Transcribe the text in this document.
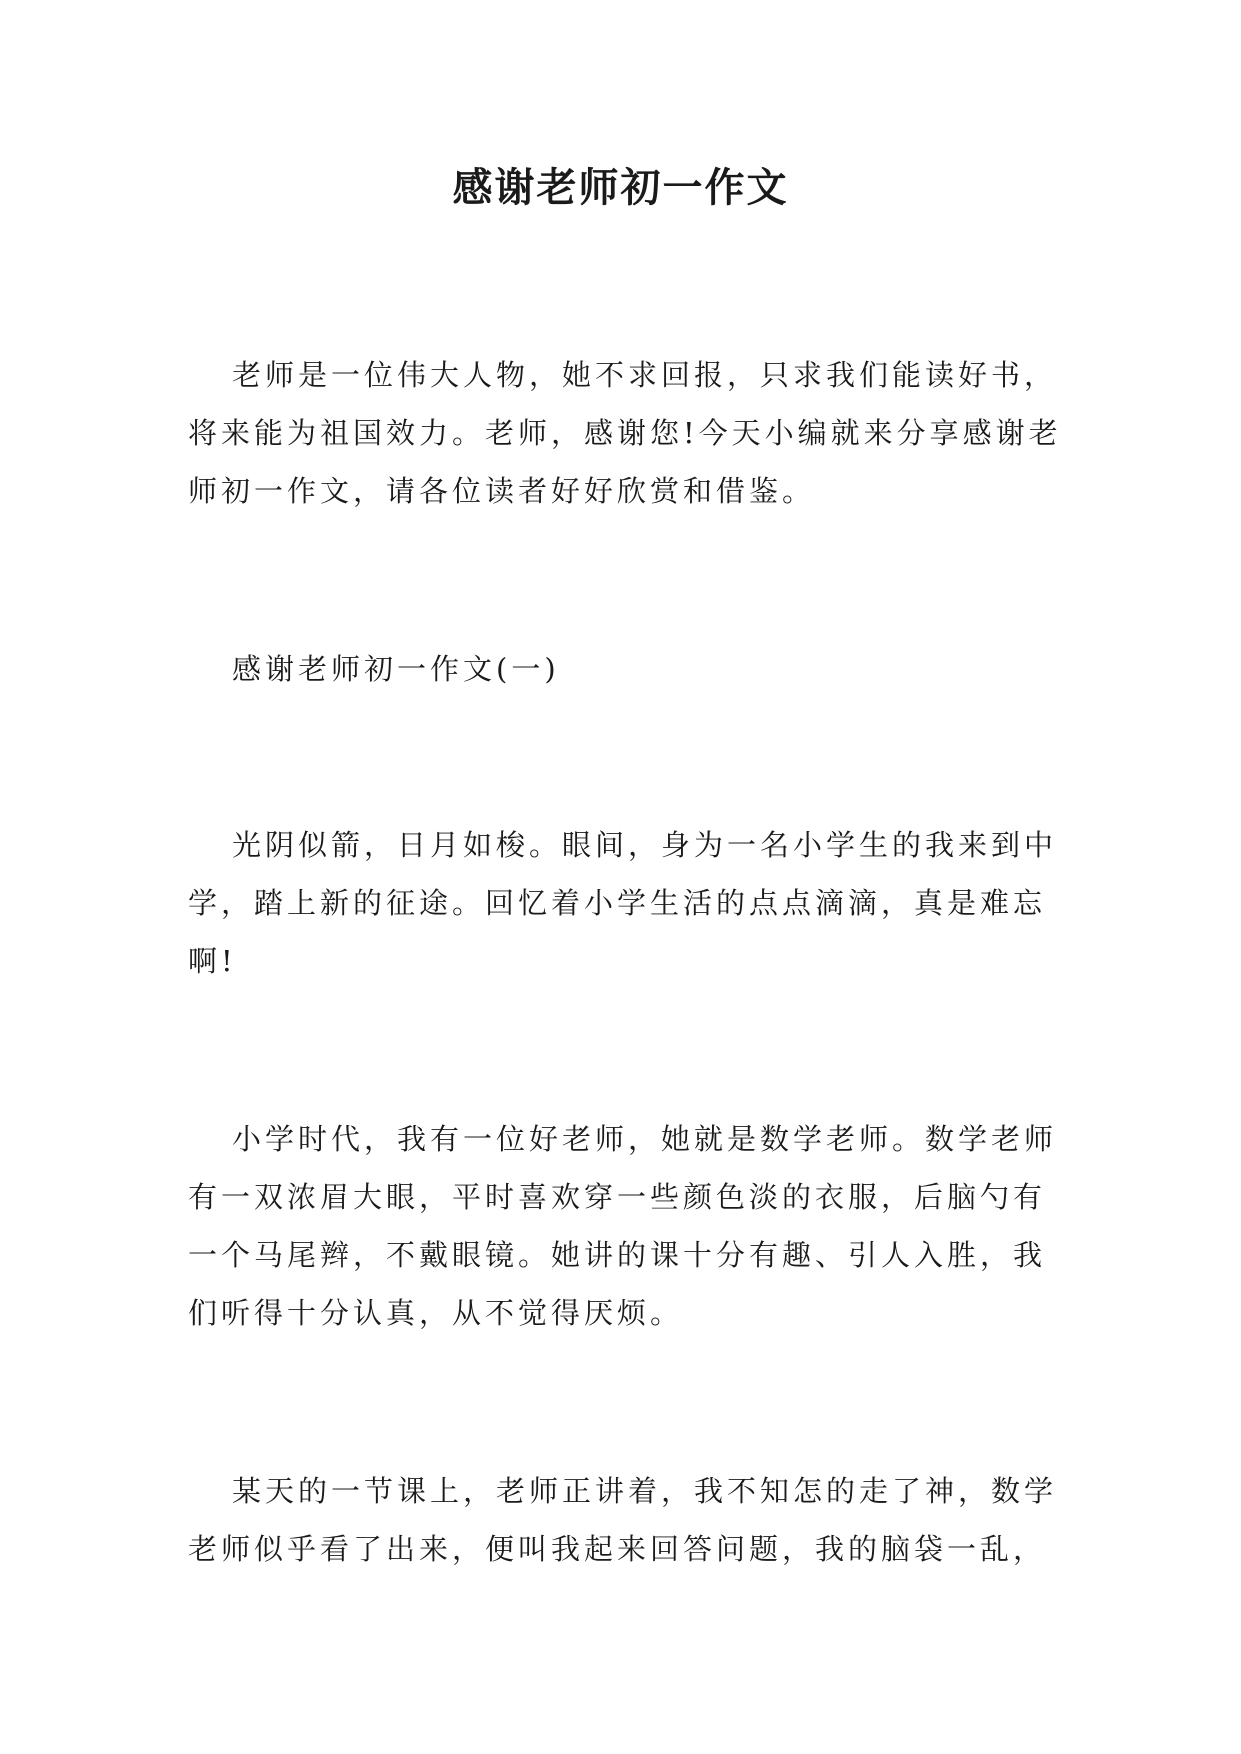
感谢老师初一作文

老师是一位伟大人物，她不求回报，只求我们能读好书，将来能为祖国效力。老师，感谢您!今天小编就来分享感谢老师初一作文，请各位读者好好欣赏和借鉴。

感谢老师初一作文(一)

光阴似箭，日月如梭。眼间，身为一名小学生的我来到中学，踏上新的征途。回忆着小学生活的点点滴滴，真是难忘啊!

小学时代，我有一位好老师，她就是数学老师。数学老师有一双浓眉大眼，平时喜欢穿一些颜色淡的衣服，后脑勺有一个马尾辫，不戴眼镜。她讲的课十分有趣、引人入胜，我们听得十分认真，从不觉得厌烦。

某天的一节课上，老师正讲着，我不知怎的走了神，数学老师似乎看了出来，便叫我起来回答问题，我的脑袋一乱，
